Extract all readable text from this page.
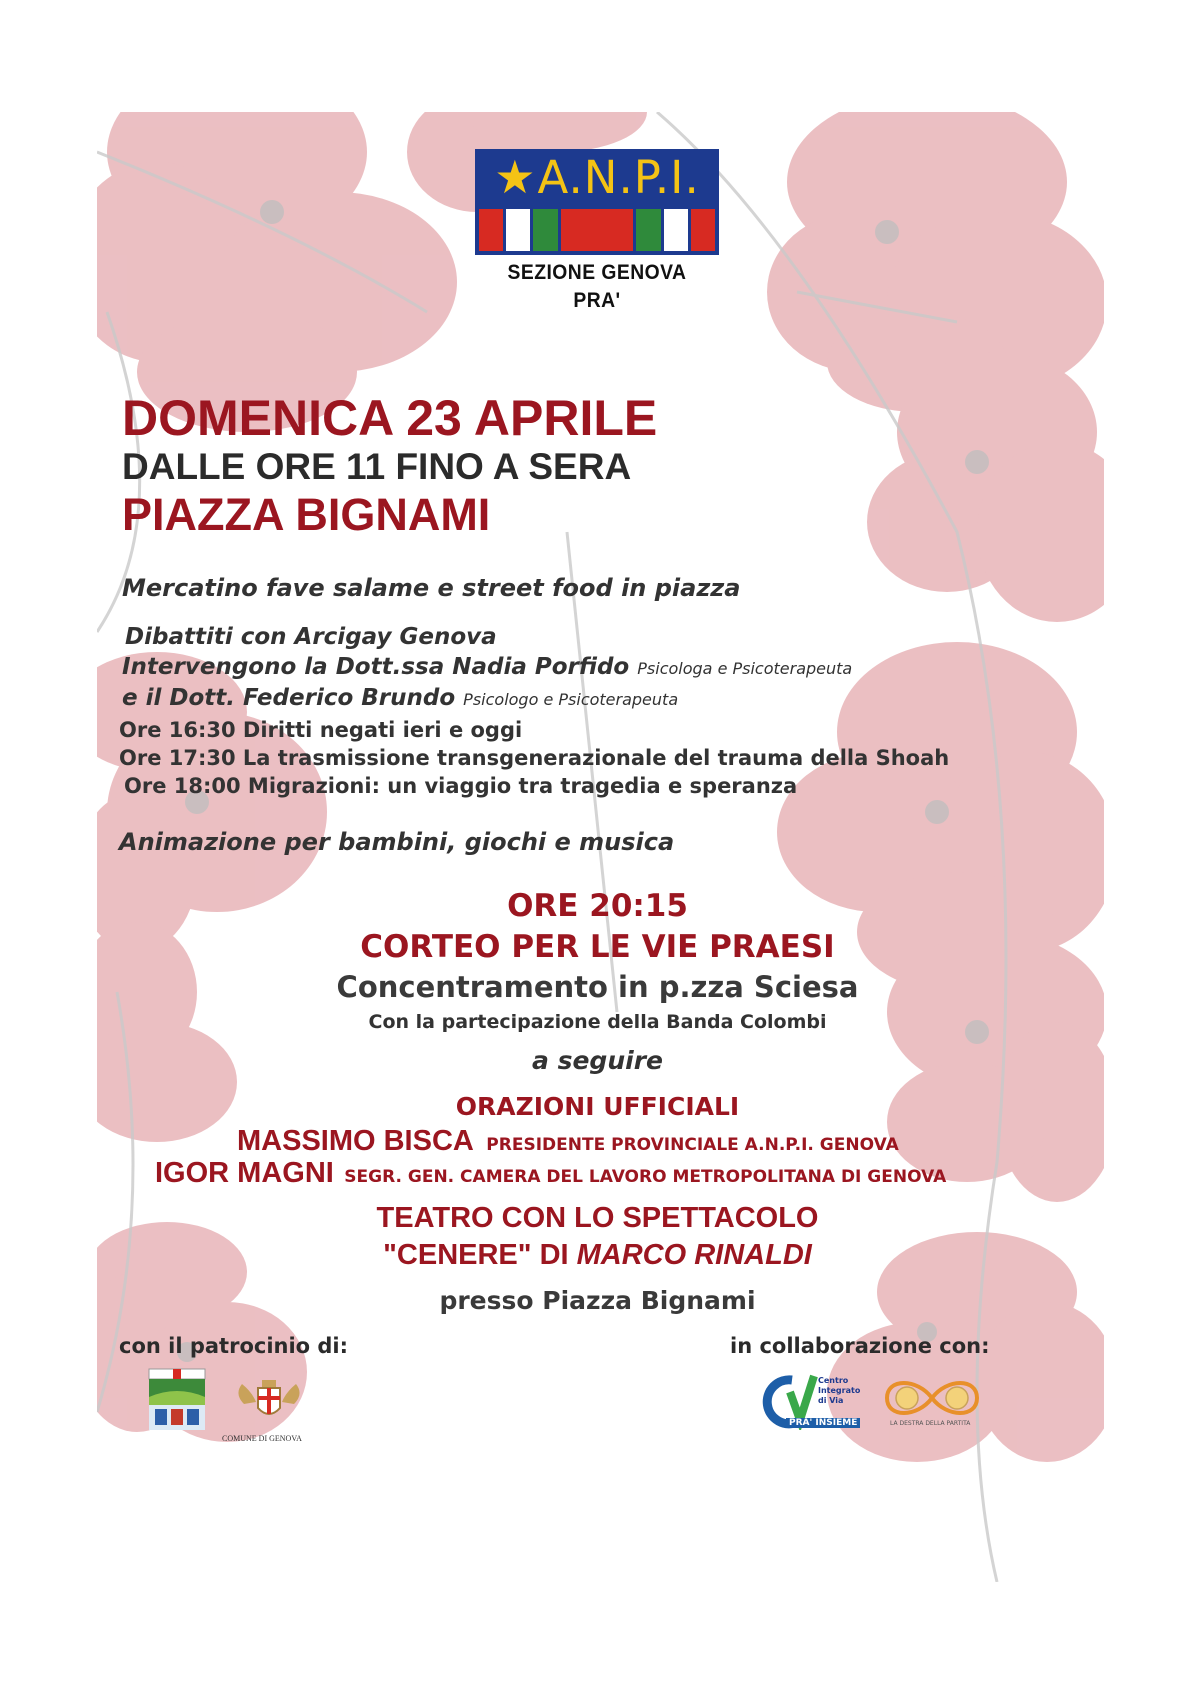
★ A.N.P.I.
SEZIONE GENOVA PRA'
DOMENICA 23 APRILE
DALLE ORE 11 FINO A SERA
PIAZZA BIGNAMI
Mercatino fave salame e street food in piazza
Dibattiti con Arcigay Genova
Intervengono la Dott.ssa Nadia Porfido Psicologa e Psicoterapeuta
e il Dott. Federico Brundo Psicologo e Psicoterapeuta
Ore 16:30 Diritti negati ieri e oggi
Ore 17:30 La trasmissione transgenerazionale del trauma della Shoah
Ore 18:00 Migrazioni: un viaggio tra tragedia e speranza
Animazione per bambini, giochi e musica
ORE 20:15
CORTEO PER LE VIE PRAESI
Concentramento in p.zza Sciesa
Con la partecipazione della Banda Colombi
a seguire
ORAZIONI UFFICIALI
MASSIMO BISCA PRESIDENTE PROVINCIALE A.N.P.I. GENOVA
IGOR MAGNI SEGR. GEN. CAMERA DEL LAVORO METROPOLITANA DI GENOVA
TEATRO CON LO SPETTACOLO
"CENERE" DI MARCO RINALDI
presso Piazza Bignami
con il patrocinio di:	in collaborazione con:
COMUNE DI GENOVA
Centro
Integrato
di Via
PRA' INSIEME	LA DESTRA DELLA PARTITA
